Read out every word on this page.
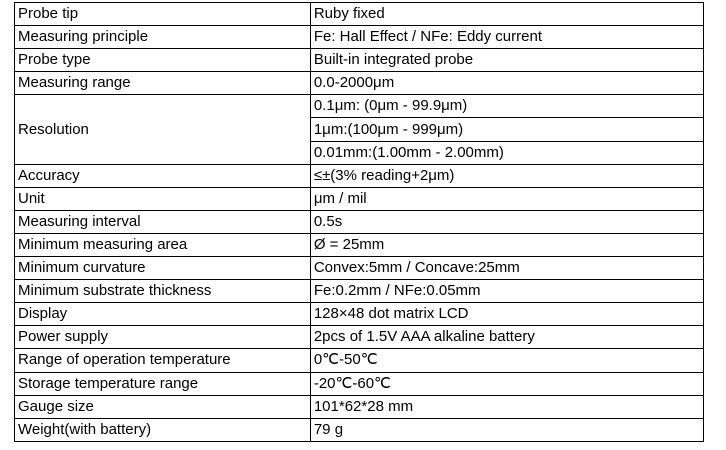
Probe tip	Ruby fixed
Measuring principle	Fe: Hall Effect / NFe: Eddy current
Probe type	Built-in integrated probe
Measuring range	0.0-2000μm
Resolution	0.1μm: (0μm - 99.9μm)
	1μm:(100μm - 999μm)
	0.01mm:(1.00mm - 2.00mm)
Accuracy	≤±(3% reading+2μm)
Unit	μm / mil
Measuring interval	0.5s
Minimum measuring area	Ø = 25mm
Minimum curvature	Convex:5mm / Concave:25mm
Minimum substrate thickness	Fe:0.2mm / NFe:0.05mm
Display	128×48 dot matrix LCD
Power supply	2pcs of 1.5V AAA alkaline battery
Range of operation temperature	0℃-50℃
Storage temperature range	-20℃-60℃
Gauge size	101*62*28 mm
Weight(with battery)	79 g
